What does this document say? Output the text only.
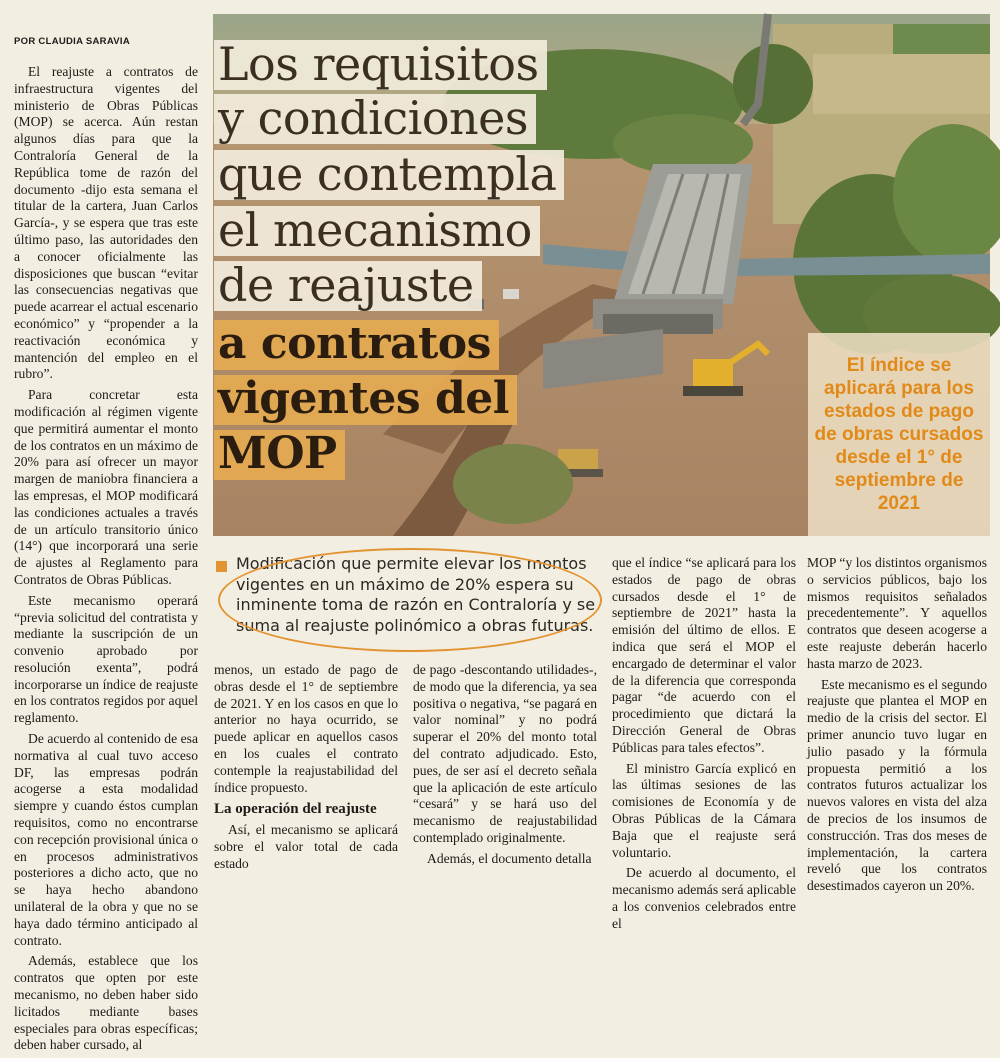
POR CLAUDIA SARAVIA Los requisitos
y condiciones
que contempla
el mecanismo
de reajuste
a contratos
vigentes del
MOP
El índice se aplicará para los estados de pago de obras cursados desde el 1° de septiembre de 2021
Modificación que permite elevar los montos vigentes en un máximo de 20% espera su inminente toma de razón en Contraloría y se suma al reajuste polinómico a obras futuras.

El reajuste a contratos de infraestructura vigentes del ministerio de Obras Públicas (MOP) se acerca. Aún restan algunos días para que la Contraloría General de la República tome de razón del documento -dijo esta semana el titular de la cartera, Juan Carlos García-, y se espera que tras este último paso, las autoridades den a conocer oficialmente las disposiciones que buscan “evitar las consecuencias negativas que puede acarrear el actual escenario económico” y “propender a la reactivación económica y mantención del empleo en el rubro”.

Para concretar esta modificación al régimen vigente que permitirá aumentar el monto de los contratos en un máximo de 20% para así ofrecer un mayor margen de maniobra financiera a las empresas, el MOP modificará las condiciones actuales a través de un artículo transitorio único (14°) que incorporará una serie de ajustes al Reglamento para Contratos de Obras Públicas.

Este mecanismo operará “previa solicitud del contratista y mediante la suscripción de un convenio aprobado por resolución exenta”, podrá incorporarse un índice de reajuste en los contratos regidos por aquel reglamento.

De acuerdo al contenido de esa normativa al cual tuvo acceso DF, las empresas podrán acogerse a esta modalidad siempre y cuando éstos cumplan requisitos, como no encontrarse con recepción provisional única o en procesos administrativos posteriores a dicho acto, que no se haya hecho abandono unilateral de la obra y que no se haya dado término anticipado al contrato.

Además, establece que los contratos que opten por este mecanismo, no deben haber sido licitados mediante bases especiales para obras específicas; deben haber cursado, al

menos, un estado de pago de obras desde el 1° de septiembre de 2021. Y en los casos en que lo anterior no haya ocurrido, se puede aplicar en aquellos casos en los cuales el contrato contemple la reajustabilidad del índice propuesto.

La operación del reajuste

Así, el mecanismo se aplicará sobre el valor total de cada estado

de pago -descontando utilidades-, de modo que la diferencia, ya sea positiva o negativa, “se pagará en valor nominal” y no podrá superar el 20% del monto total del contrato adjudicado. Esto, pues, de ser así el decreto señala que la aplicación de este artículo “cesará” y se hará uso del mecanismo de reajustabilidad contemplado originalmente.

Además, el documento detalla

que el índice “se aplicará para los estados de pago de obras cursados desde el 1° de septiembre de 2021” hasta la emisión del último de ellos. E indica que será el MOP el encargado de determinar el valor de la diferencia que corresponda pagar “de acuerdo con el procedimiento que dictará la Dirección General de Obras Públicas para tales efectos”.

El ministro García explicó en las últimas sesiones de las comisiones de Economía y de Obras Públicas de la Cámara Baja que el reajuste será voluntario.

De acuerdo al documento, el mecanismo además será aplicable a los convenios celebrados entre el

MOP “y los distintos organismos o servicios públicos, bajo los mismos requisitos señalados precedentemente”. Y aquellos contratos que deseen acogerse a este reajuste deberán hacerlo hasta marzo de 2023.

Este mecanismo es el segundo reajuste que plantea el MOP en medio de la crisis del sector. El primer anuncio tuvo lugar en julio pasado y la fórmula propuesta permitió a los contratos futuros actualizar los nuevos valores en vista del alza de precios de los insumos de construcción. Tras dos meses de implementación, la cartera reveló que los contratos desestimados cayeron un 20%.
